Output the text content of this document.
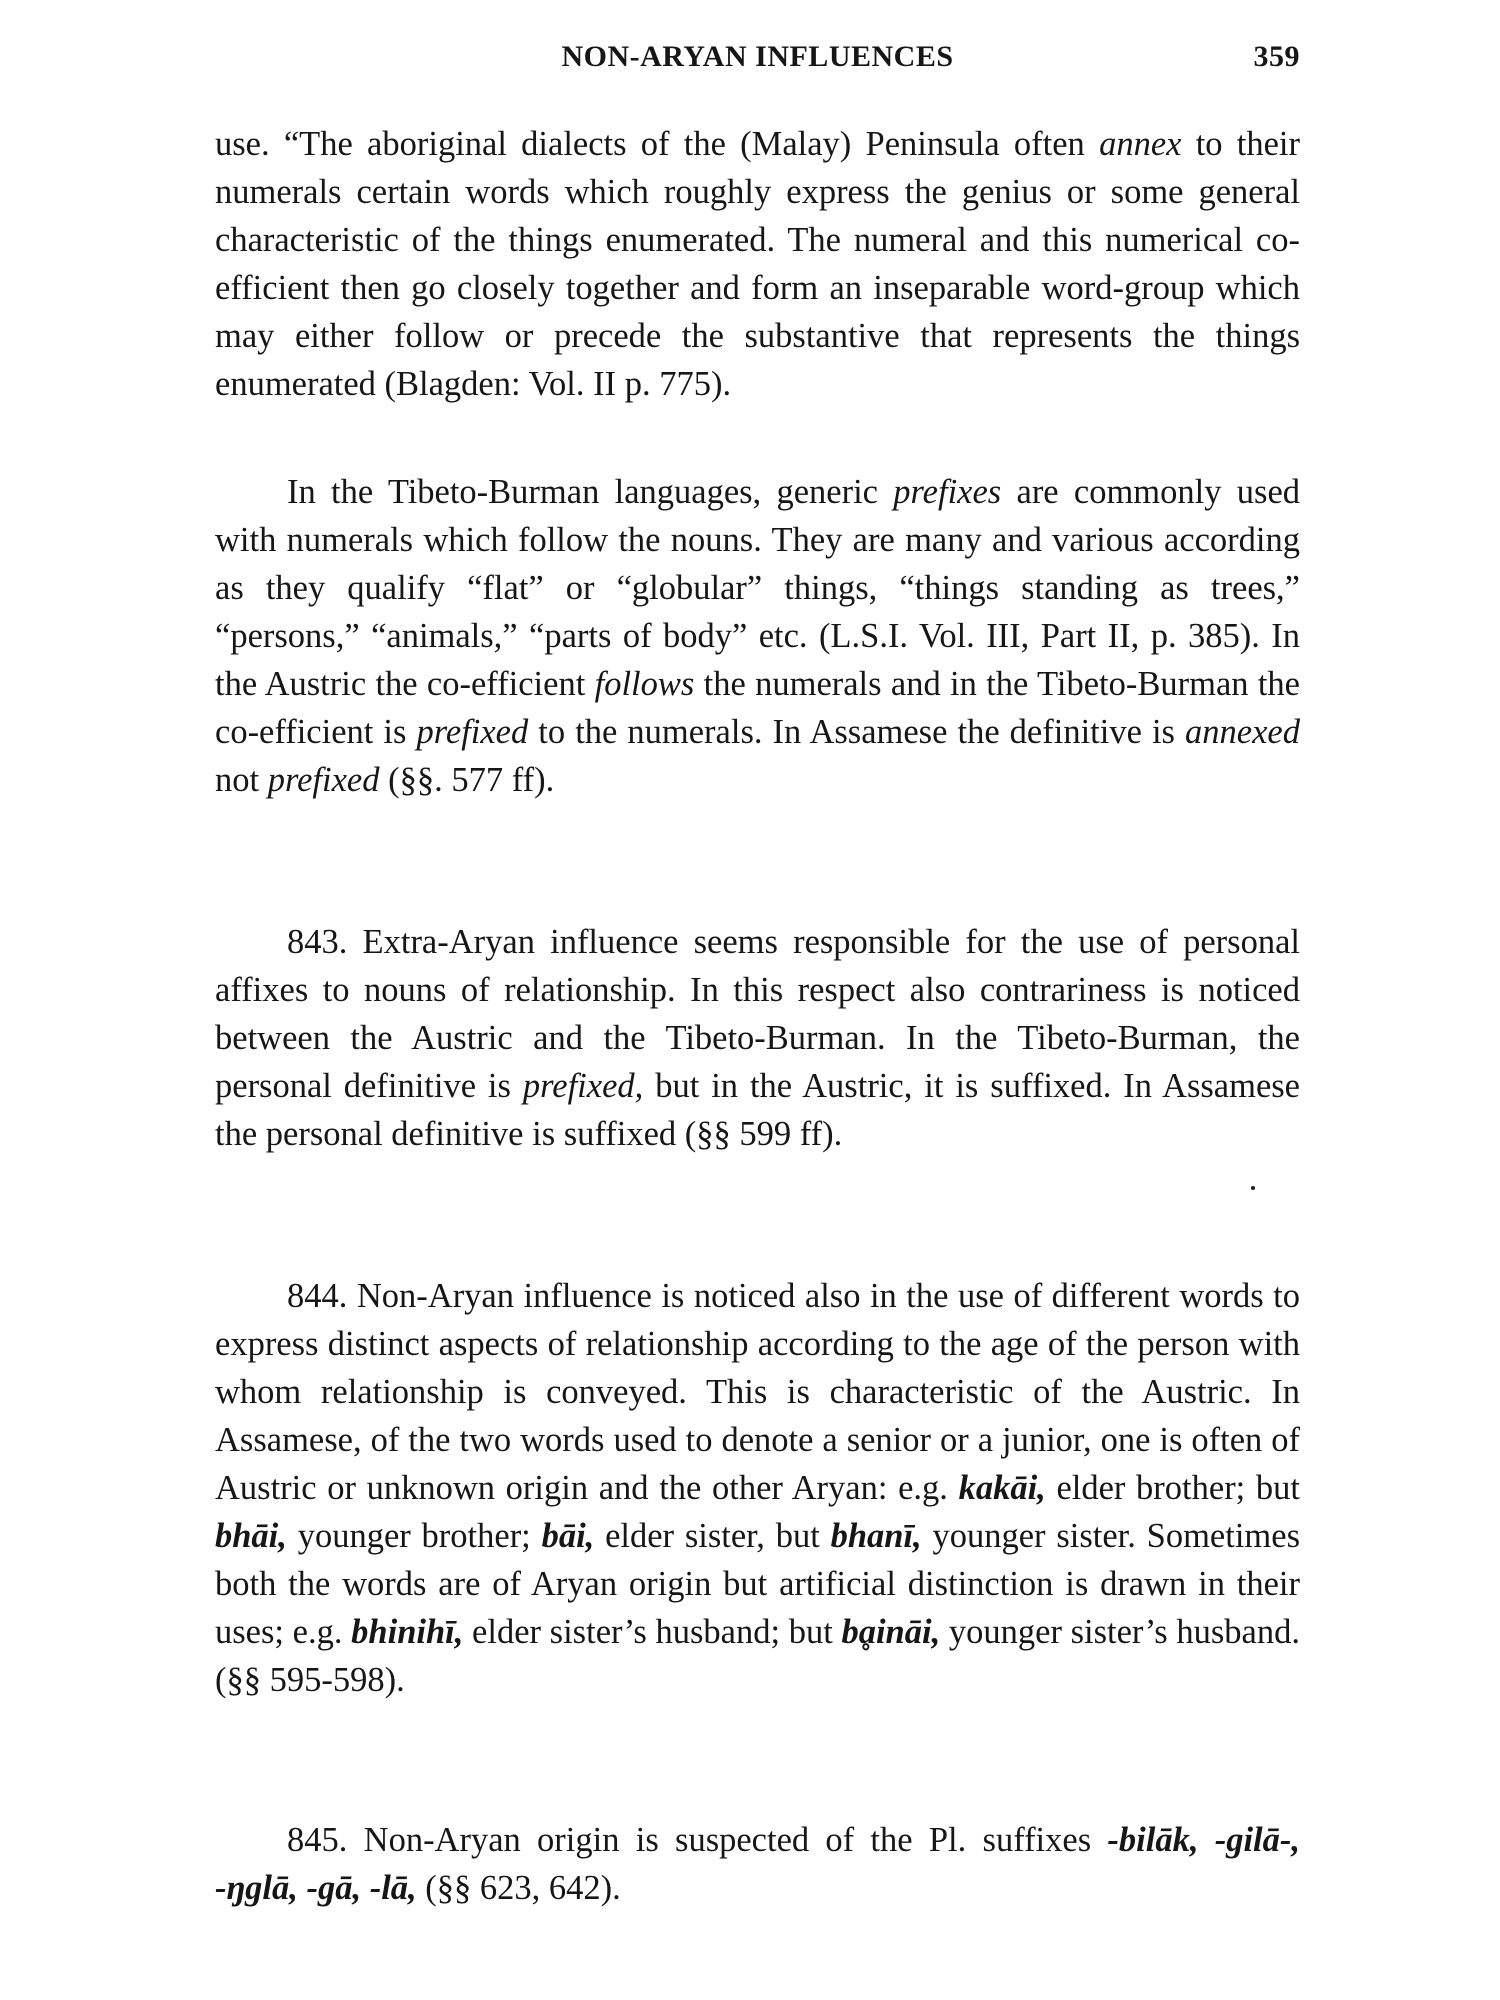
NON-ARYAN INFLUENCES	359

use. “The aboriginal dialects of the (Malay) Peninsula often annex to their numerals certain words which roughly express the genius or some general characteristic of the things enumerated. The numeral and this numerical co-efficient then go closely together and form an inseparable word-group which may either follow or precede the substantive that represents the things enumerated (Blagden: Vol. II p. 775).

In the Tibeto-Burman languages, generic prefixes are commonly used with numerals which follow the nouns. They are many and various according as they qualify “flat” or “globular” things, “things standing as trees,” “persons,” “animals,” “parts of body” etc. (L.S.I. Vol. III, Part II, p. 385). In the Austric the co-efficient follows the numerals and in the Tibeto-Burman the co-efficient is prefixed to the numerals. In Assamese the definitive is annexed not prefixed (§§. 577 ff).

843. Extra-Aryan influence seems responsible for the use of personal affixes to nouns of relationship. In this respect also contrariness is noticed between the Austric and the Tibeto-Burman. In the Tibeto-Burman, the personal definitive is prefixed, but in the Austric, it is suffixed. In Assamese the personal definitive is suffixed (§§ 599 ff).

844. Non-Aryan influence is noticed also in the use of different words to express distinct aspects of relationship according to the age of the person with whom relationship is conveyed. This is characteristic of the Austric. In Assamese, of the two words used to denote a senior or a junior, one is often of Austric or unknown origin and the other Aryan: e.g. kakāi, elder brother; but bhāi, younger brother; bāi, elder sister, but bhanī, younger sister. Sometimes both the words are of Aryan origin but artificial distinction is drawn in their uses; e.g. bhinihī, elder sister’s husband; but bḁināi, younger sister’s husband. (§§ 595-598).

845. Non-Aryan origin is suspected of the Pl. suffixes -bilāk, -gilā-, -ŋglā, -gā, -lā, (§§ 623, 642).
